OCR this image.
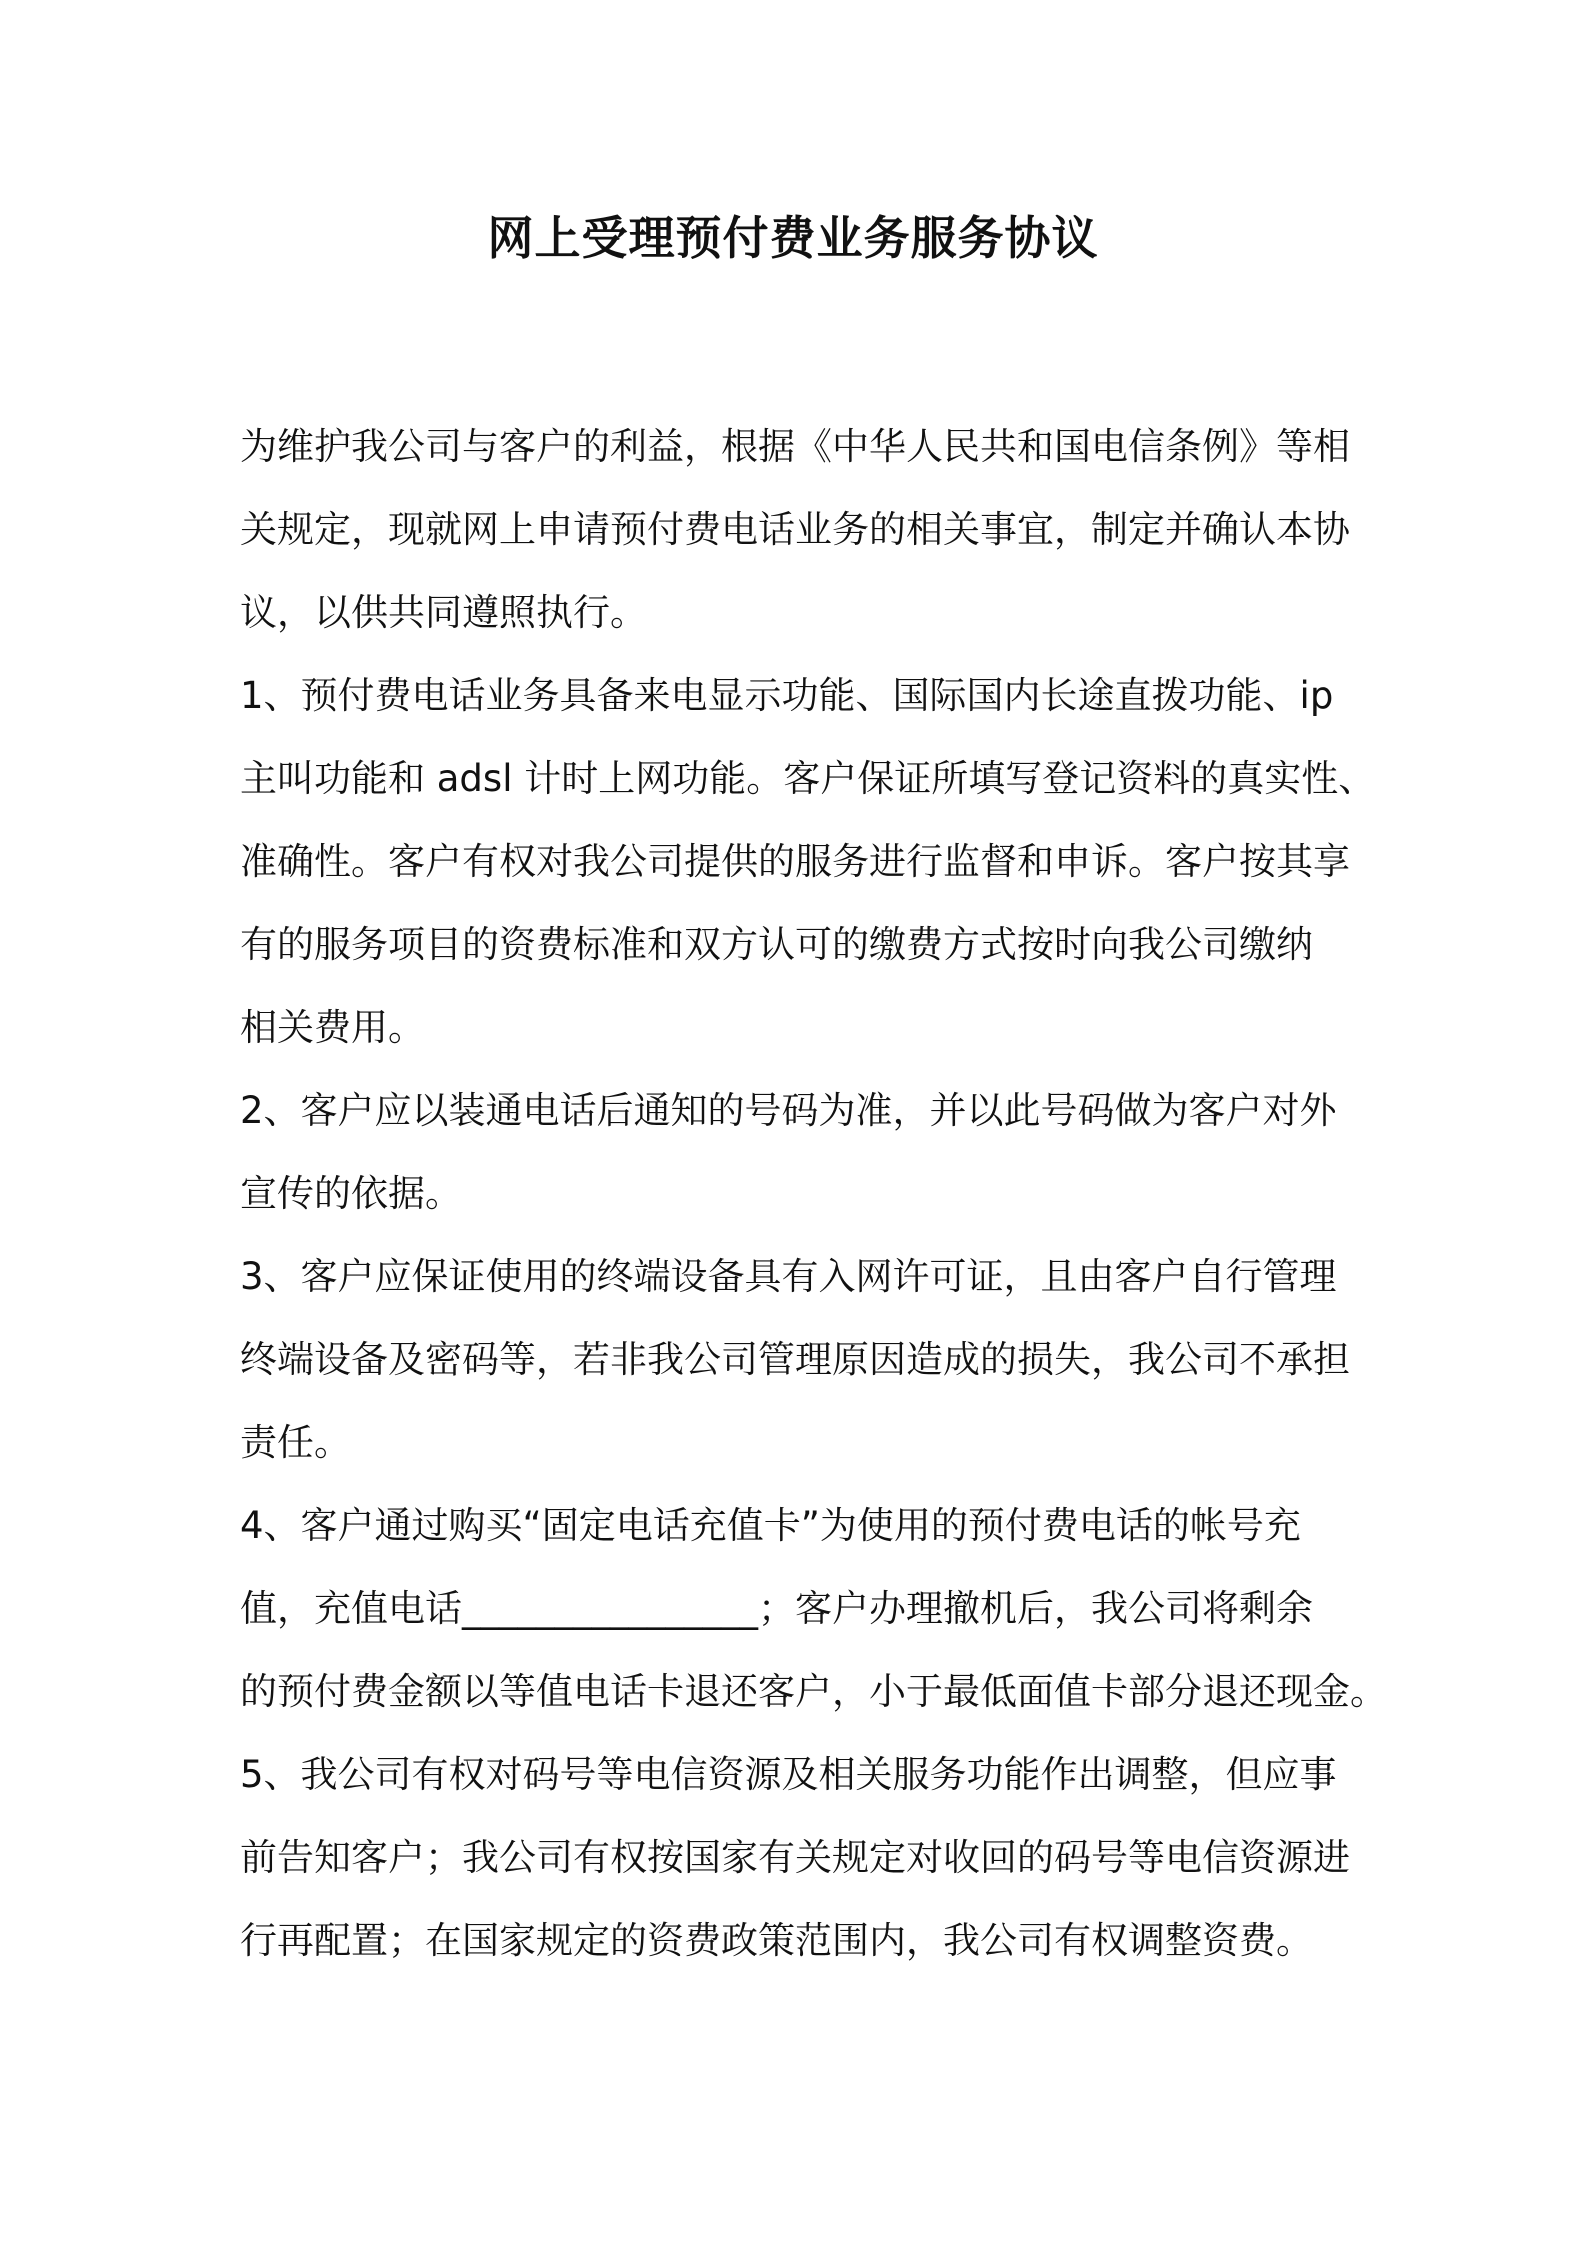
网上受理预付费业务服务协议

为维护我公司与客户的利益，根据《中华人民共和国电信条例》等相
关规定，现就网上申请预付费电话业务的相关事宜，制定并确认本协
议，以供共同遵照执行。

1、预付费电话业务具备来电显示功能、国际国内长途直拨功能、ip
主叫功能和 adsl 计时上网功能。客户保证所填写登记资料的真实性、
准确性。客户有权对我公司提供的服务进行监督和申诉。客户按其享
有的服务项目的资费标准和双方认可的缴费方式按时向我公司缴纳
相关费用。

2、客户应以装通电话后通知的号码为准，并以此号码做为客户对外
宣传的依据。

3、客户应保证使用的终端设备具有入网许可证，且由客户自行管理
终端设备及密码等，若非我公司管理原因造成的损失，我公司不承担
责任。

4、客户通过购买“固定电话充值卡”为使用的预付费电话的帐号充
值，充值电话________________；客户办理撤机后，我公司将剩余
的预付费金额以等值电话卡退还客户，小于最低面值卡部分退还现金。

5、我公司有权对码号等电信资源及相关服务功能作出调整，但应事
前告知客户；我公司有权按国家有关规定对收回的码号等电信资源进
行再配置；在国家规定的资费政策范围内，我公司有权调整资费。
